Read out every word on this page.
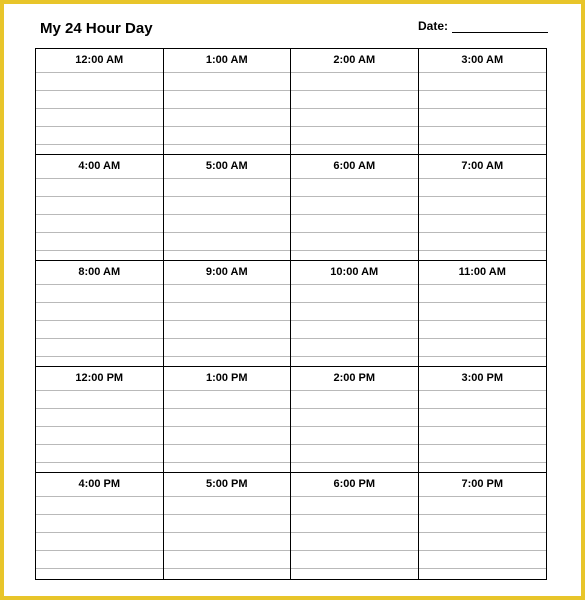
My 24 Hour Day	Date:
12:00 AM	1:00 AM	2:00 AM	3:00 AM
4:00 AM	5:00 AM	6:00 AM	7:00 AM
8:00 AM	9:00 AM	10:00 AM	11:00 AM
12:00 PM	1:00 PM	2:00 PM	3:00 PM
4:00 PM	5:00 PM	6:00 PM	7:00 PM
